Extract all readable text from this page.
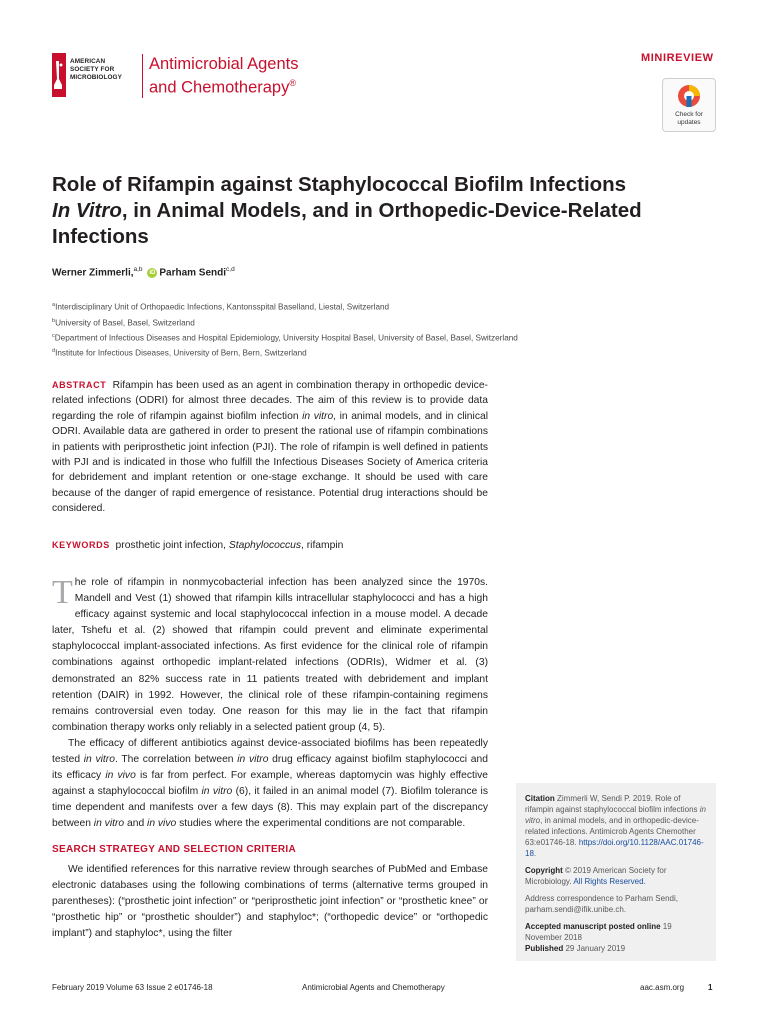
AMERICAN
SOCIETY FOR
MICROBIOLOGY
Antimicrobial Agents
and Chemotherapy®
MINIREVIEW
Check for
updates
Role of Rifampin against Staphylococcal Biofilm Infections
In Vitro, in Animal Models, and in Orthopedic-Device-Related
Infections
Werner Zimmerli,$^{a,b}$ iD Parham Sendi$^{c,d}$
$^a$Interdisciplinary Unit of Orthopaedic Infections, Kantonsspital Baselland, Liestal, Switzerland
$^b$University of Basel, Basel, Switzerland
$^c$Department of Infectious Diseases and Hospital Epidemiology, University Hospital Basel, University of Basel, Basel, Switzerland
$^d$Institute for Infectious Diseases, University of Bern, Bern, Switzerland
ABSTRACT Rifampin has been used as an agent in combination therapy in orthopedic device-related infections (ODRI) for almost three decades. The aim of this review is to provide data regarding the role of rifampin against biofilm infection in vitro, in animal models, and in clinical ODRI. Available data are gathered in order to present the rational use of rifampin combinations in patients with periprosthetic joint infection (PJI). The role of rifampin is well defined in patients with PJI and is indicated in those who fulfill the Infectious Diseases Society of America criteria for debridement and implant retention or one-stage exchange. It should be used with care because of the danger of rapid emergence of resistance. Potential drug interactions should be considered.
KEYWORDS prosthetic joint infection, Staphylococcus, rifampin

The role of rifampin in nonmycobacterial infection has been analyzed since the 1970s. Mandell and Vest (1) showed that rifampin kills intracellular staphylococci and has a high efficacy against systemic and local staphylococcal infection in a mouse model. A decade later, Tshefu et al. (2) showed that rifampin could prevent and eliminate experimental staphylococcal implant-associated infections. As first evidence for the clinical role of rifampin combinations against orthopedic implant-related infections (ODRIs), Widmer et al. (3) demonstrated an 82% success rate in 11 patients treated with debridement and implant retention (DAIR) in 1992. However, the clinical role of these rifampin-containing regimens remains controversial even today. One reason for this may lie in the fact that rifampin combination therapy works only reliably in a selected patient group (4, 5).

The efficacy of different antibiotics against device-associated biofilms has been repeatedly tested in vitro. The correlation between in vitro drug efficacy against biofilm staphylococci and its efficacy in vivo is far from perfect. For example, whereas daptomycin was highly effective against a staphylococcal biofilm in vitro (6), it failed in an animal model (7). Biofilm tolerance is time dependent and manifests over a few days (8). This may explain part of the discrepancy between in vitro and in vivo studies where the experimental conditions are not comparable.

SEARCH STRATEGY AND SELECTION CRITERIA

We identified references for this narrative review through searches of PubMed and Embase electronic databases using the following combinations of terms (alternative terms grouped in parentheses): (“prosthetic joint infection” or “periprosthetic joint infection” or “prosthetic knee” or “prosthetic hip” or “prosthetic shoulder”) and staphyloc*; (“orthopedic device” or “orthopedic implant”) and staphyloc*, using the filter

Citation Zimmerli W, Sendi P. 2019. Role of rifampin against staphylococcal biofilm infections in vitro, in animal models, and in orthopedic-device-related infections. Antimicrob Agents Chemother 63:e01746-18. https://doi.org/10.1128/AAC.01746-18.
Copyright © 2019 American Society for Microbiology. All Rights Reserved.
Address correspondence to Parham Sendi, parham.sendi@ifik.unibe.ch.
Accepted manuscript posted online 19 November 2018
Published 29 January 2019
February 2019 Volume 63 Issue 2 e01746-18	Antimicrobial Agents and Chemotherapy	aac.asm.org	1
